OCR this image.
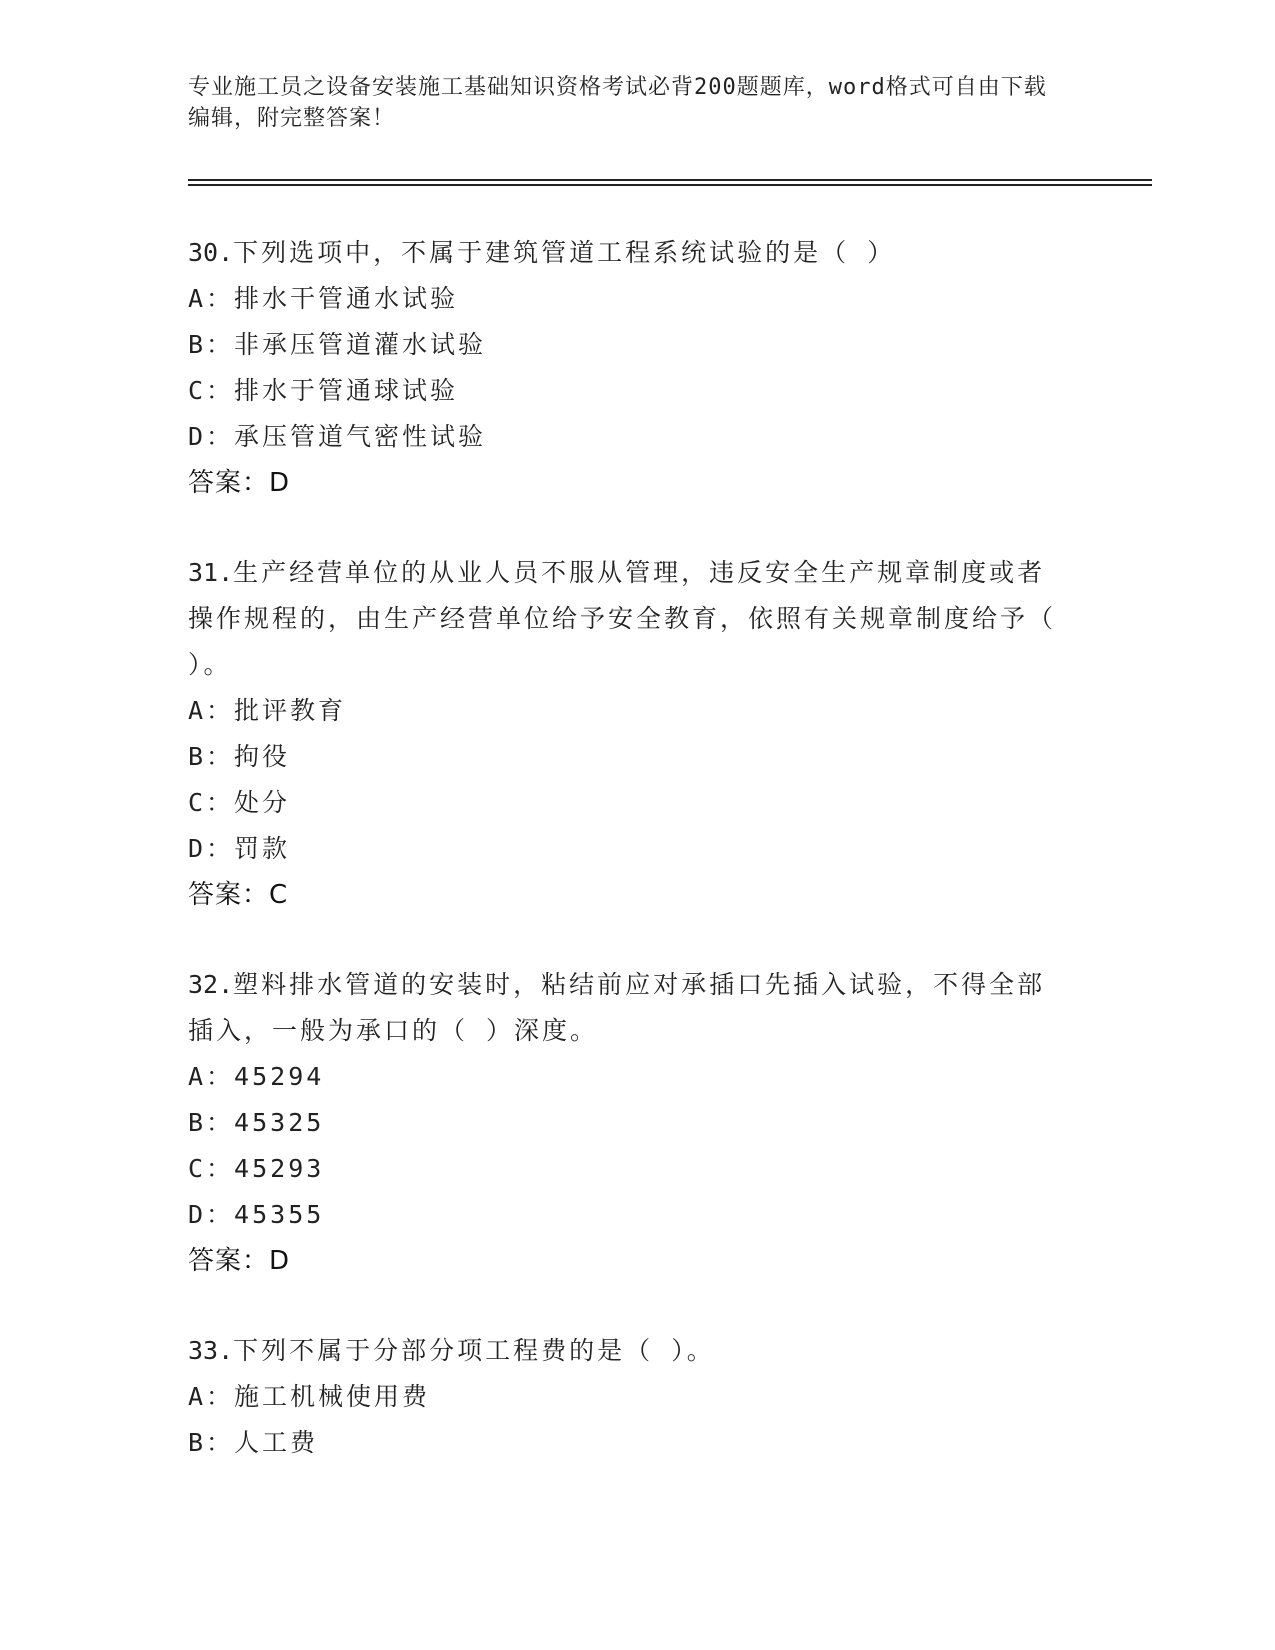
专业施工员之设备安装施工基础知识资格考试必背200题题库，word格式可自由下载编辑，附完整答案！

30.下列选项中，不属于建筑管道工程系统试验的是（ ）

A：排水干管通水试验
B：非承压管道灌水试验
C：排水于管通球试验
D：承压管道气密性试验
答案：D

31.生产经营单位的从业人员不服从管理，违反安全生产规章制度或者操作规程的，由生产经营单位给予安全教育，依照有关规章制度给予（ ）。

A：批评教育
B：拘役
C：处分
D：罚款
答案：C

32.塑料排水管道的安装时，粘结前应对承插口先插入试验，不得全部插入，一般为承口的（ ）深度。

A：45294
B：45325
C：45293
D：45355
答案：D

33.下列不属于分部分项工程费的是（ ）。

A：施工机械使用费
B：人工费
